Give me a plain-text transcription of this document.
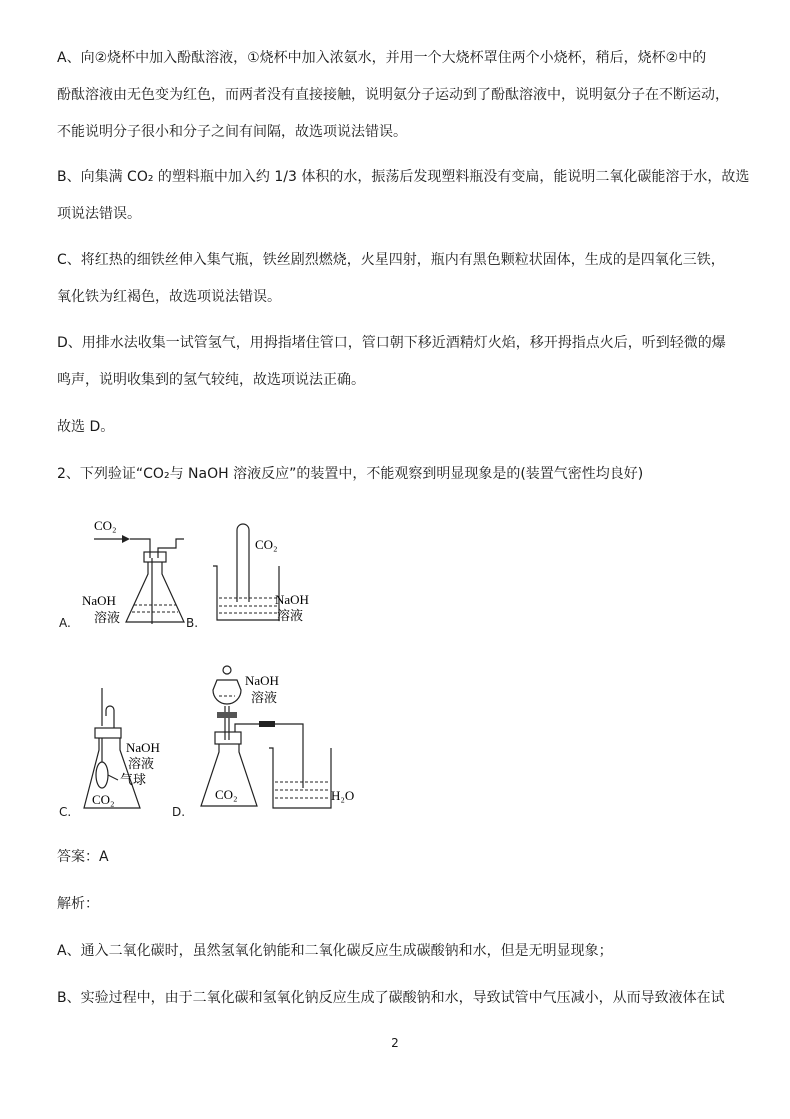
A、向②烧杯中加入酚酞溶液，①烧杯中加入浓氨水，并用一个大烧杯罩住两个小烧杯，稍后，烧杯②中的
酚酞溶液由无色变为红色，而两者没有直接接触，说明氨分子运动到了酚酞溶液中，说明氨分子在不断运动，
不能说明分子很小和分子之间有间隔，故选项说法错误。
B、向集满 CO₂ 的塑料瓶中加入约 1/3 体积的水，振荡后发现塑料瓶没有变扁，能说明二氧化碳能溶于水，故选
项说法错误。
C、将红热的细铁丝伸入集气瓶，铁丝剧烈燃烧，火星四射，瓶内有黑色颗粒状固体，生成的是四氧化三铁，
氧化铁为红褐色，故选项说法错误。
D、用排水法收集一试管氢气，用拇指堵住管口，管口朝下移近酒精灯火焰，移开拇指点火后，听到轻微的爆
鸣声，说明收集到的氢气较纯，故选项说法正确。
故选 D。
2、下列验证“CO₂与 NaOH 溶液反应”的装置中，不能观察到明显现象是的(装置气密性均良好)
CO₂
NaOH
溶液
A.
CO₂
NaOH
溶液
B.
NaOH
溶液
气球
CO₂
C.
NaOH
溶液
CO₂	H₂O
D.
答案：A
解析：
A、通入二氧化碳时，虽然氢氧化钠能和二氧化碳反应生成碳酸钠和水，但是无明显现象；
B、实验过程中，由于二氧化碳和氢氧化钠反应生成了碳酸钠和水，导致试管中气压减小，从而导致液体在试
2
